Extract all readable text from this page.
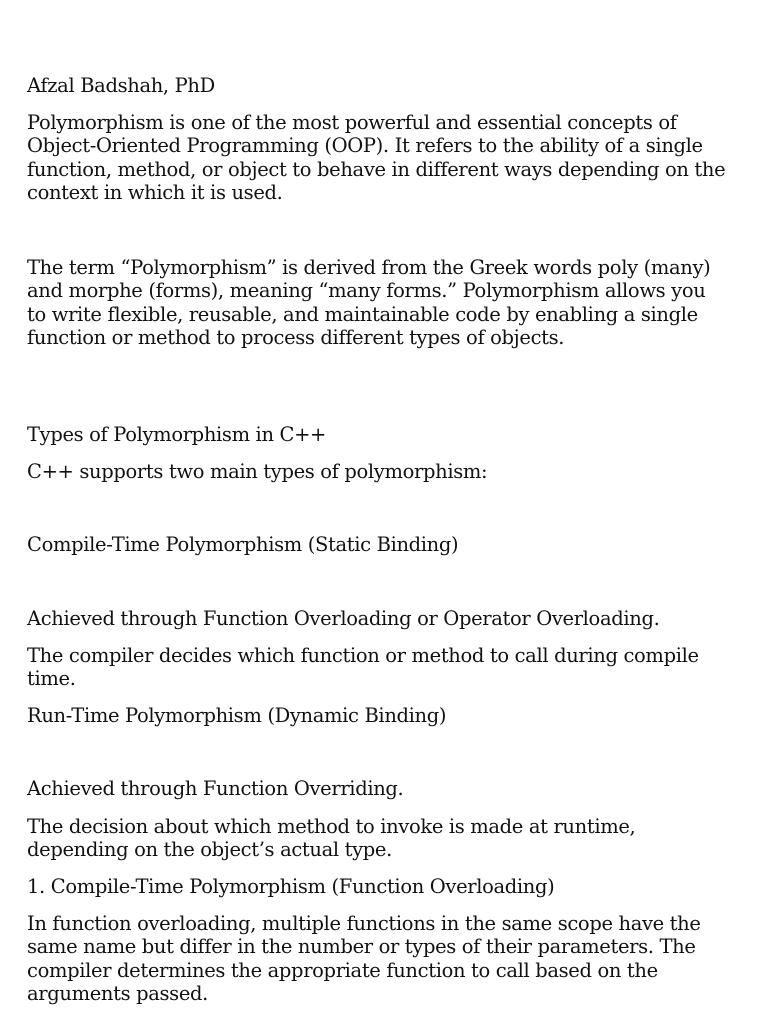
Afzal Badshah, PhD

Polymorphism is one of the most powerful and essential concepts of Object-Oriented Programming (OOP). It refers to the ability of a single function, method, or object to behave in different ways depending on the context in which it is used.

The term “Polymorphism” is derived from the Greek words poly (many) and morphe (forms), meaning “many forms.” Polymorphism allows you to write flexible, reusable, and maintainable code by enabling a single function or method to process different types of objects.

Types of Polymorphism in C++

C++ supports two main types of polymorphism:

Compile-Time Polymorphism (Static Binding)

Achieved through Function Overloading or Operator Overloading.

The compiler decides which function or method to call during compile time.

Run-Time Polymorphism (Dynamic Binding)

Achieved through Function Overriding.

The decision about which method to invoke is made at runtime, depending on the object’s actual type.

1. Compile-Time Polymorphism (Function Overloading)

In function overloading, multiple functions in the same scope have the same name but differ in the number or types of their parameters. The compiler determines the appropriate function to call based on the arguments passed.
